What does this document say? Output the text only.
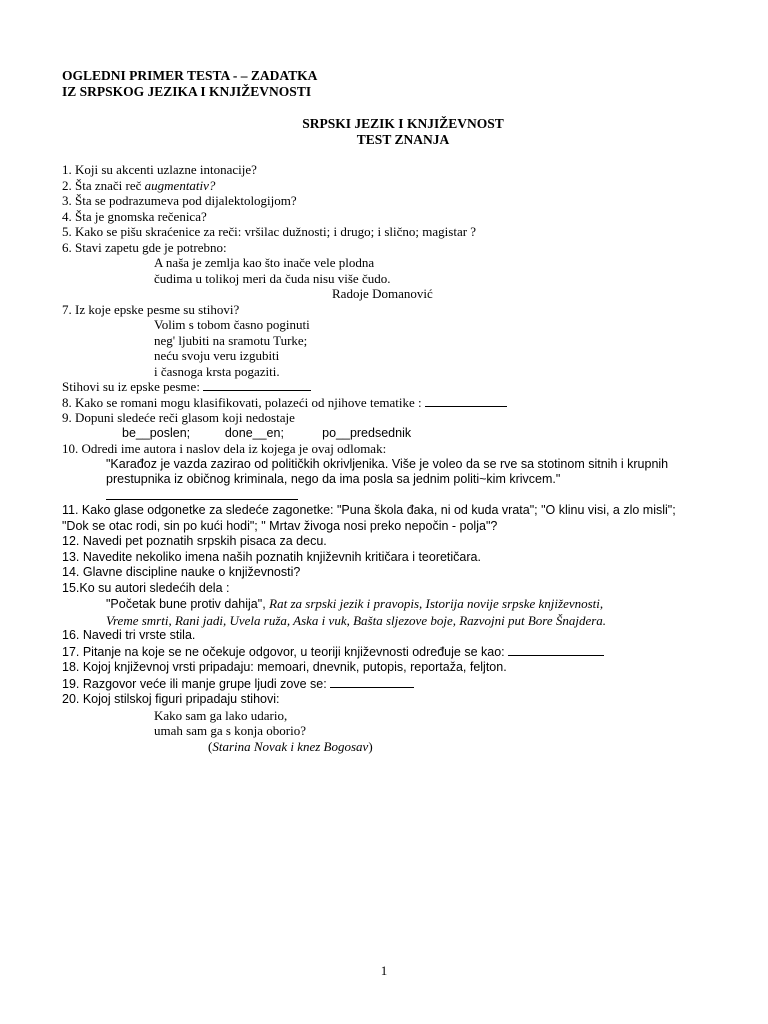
OGLEDNI PRIMER TESTA - – ZADATKA
IZ SRPSKOG JEZIKA I KNJIŽEVNOSTI
SRPSKI JEZIK I KNJIŽEVNOST
TEST ZNANJA
1. Koji su akcenti uzlazne intonacije?
2. Šta znači reč augmentativ?
3. Šta se podrazumeva pod dijalektologijom?
4. Šta je gnomska rečenica?
5. Kako se pišu skraćenice za reči: vršilac dužnosti; i drugo; i slično; magistar ?
6. Stavi zapetu gde je potrebno:
A naša je zemlja kao što inače vele plodna
čudima u tolikoj meri da čuda nisu više čudo.
Radoje Domanović
7. Iz koje epske pesme su stihovi?
Volim s tobom časno poginuti
neg' ljubiti na sramotu Turke;
neću svoju veru izgubiti
i časnoga krsta pogaziti.
Stihovi su iz epske pesme:
8. Kako se romani mogu klasifikovati, polazeći od njihove tematike :
9. Dopuni sledeće reči glasom koji nedostaje
be__poslen;          done__en;           po__predsednik
10. Odredi ime autora i naslov dela iz kojega je ovaj odlomak:
"Karađoz je vazda zazirao od političkih okrivljenika. Više je voleo da se rve sa stotinom sitnih i krupnih
prestupnika iz običnog kriminala, nego da ima posla sa jednim politi~kim krivcem."
11. Kako glase odgonetke za sledeće zagonetke: "Puna škola đaka, ni od kuda vrata"; "O klinu visi, a zlo misli";
"Dok se otac rodi, sin po kući hodi"; " Mrtav živoga nosi preko nepočin - polja"?
12. Navedi pet poznatih srpskih pisaca za decu.
13. Navedite nekoliko imena naših poznatih književnih kritičara i teoretičara.
14. Glavne discipline nauke o književnosti?
15.Ko su autori sledećih dela :
"Početak bune protiv dahija", Rat za srpski jezik i pravopis, Istorija novije srpske književnosti,
Vreme smrti, Rani jadi, Uvela ruža, Aska i vuk, Bašta sljezove boje, Razvojni put Bore Šnajdera.
16. Navedi tri vrste stila.
17. Pitanje na koje se ne očekuje odgovor, u teoriji književnosti određuje se kao:
18. Kojoj književnoj vrsti pripadaju: memoari, dnevnik, putopis, reportaža, feljton.
19. Razgovor veće ili manje grupe ljudi zove se:
20. Kojoj stilskoj figuri pripadaju stihovi:
Kako sam ga lako udario,
umah sam ga s konja oborio?
(Starina Novak i knez Bogosav)
1
